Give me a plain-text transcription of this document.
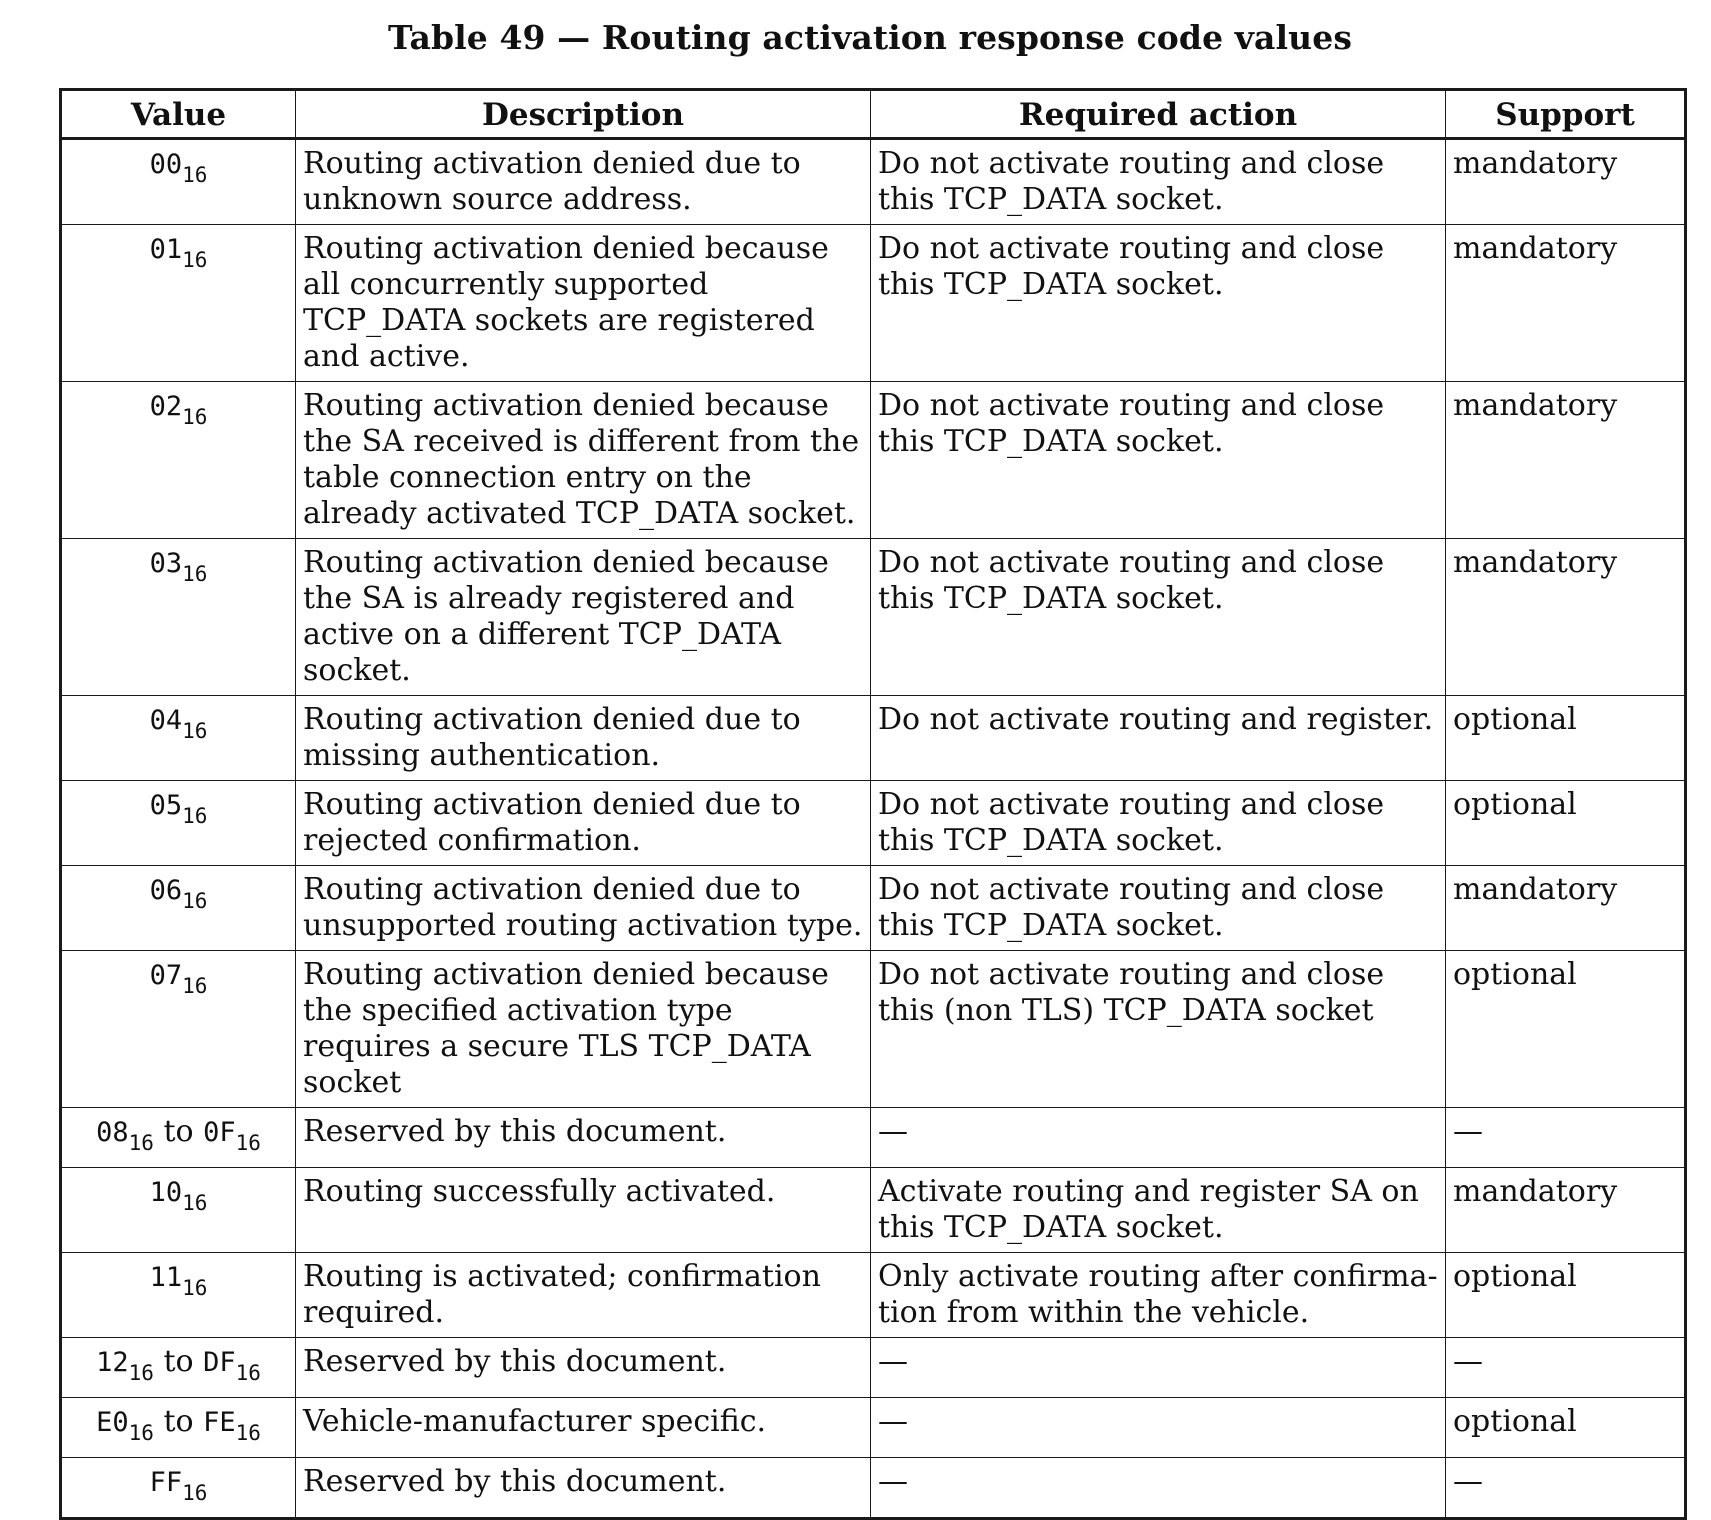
Table 49 — Routing activation response code values
Value	Description	Required action	Support
$00_{16}$	Routing activation denied due to unknown source address.	Do not activate routing and close this TCP_DATA socket.	mandatory
$01_{16}$	Routing activation denied because all concurrently supported TCP_DATA sockets are registered and active.	Do not activate routing and close this TCP_DATA socket.	mandatory
$02_{16}$	Routing activation denied because the SA received is different from the table connection entry on the already activated TCP_DATA socket.	Do not activate routing and close this TCP_DATA socket.	mandatory
$03_{16}$	Routing activation denied because the SA is already registered and active on a different TCP_DATA socket.	Do not activate routing and close this TCP_DATA socket.	mandatory
$04_{16}$	Routing activation denied due to missing authentication.	Do not activate routing and register.	optional
$05_{16}$	Routing activation denied due to rejected confirmation.	Do not activate routing and close this TCP_DATA socket.	optional
$06_{16}$	Routing activation denied due to unsupported routing activation type.	Do not activate routing and close this TCP_DATA socket.	mandatory
$07_{16}$	Routing activation denied because the specified activation type requires a secure TLS TCP_DATA socket	Do not activate routing and close this (non TLS) TCP_DATA socket	optional
$08_{16}$ to $0F_{16}$	Reserved by this document.	—	—
$10_{16}$	Routing successfully activated.	Activate routing and register SA on this TCP_DATA socket.	mandatory
$11_{16}$	Routing is activated; confirmation required.	Only activate routing after confirma-tion from within the vehicle.	optional
$12_{16}$ to $DF_{16}$	Reserved by this document.	—	—
$E0_{16}$ to $FE_{16}$	Vehicle-manufacturer specific.	—	optional
$FF_{16}$	Reserved by this document.	—	—
